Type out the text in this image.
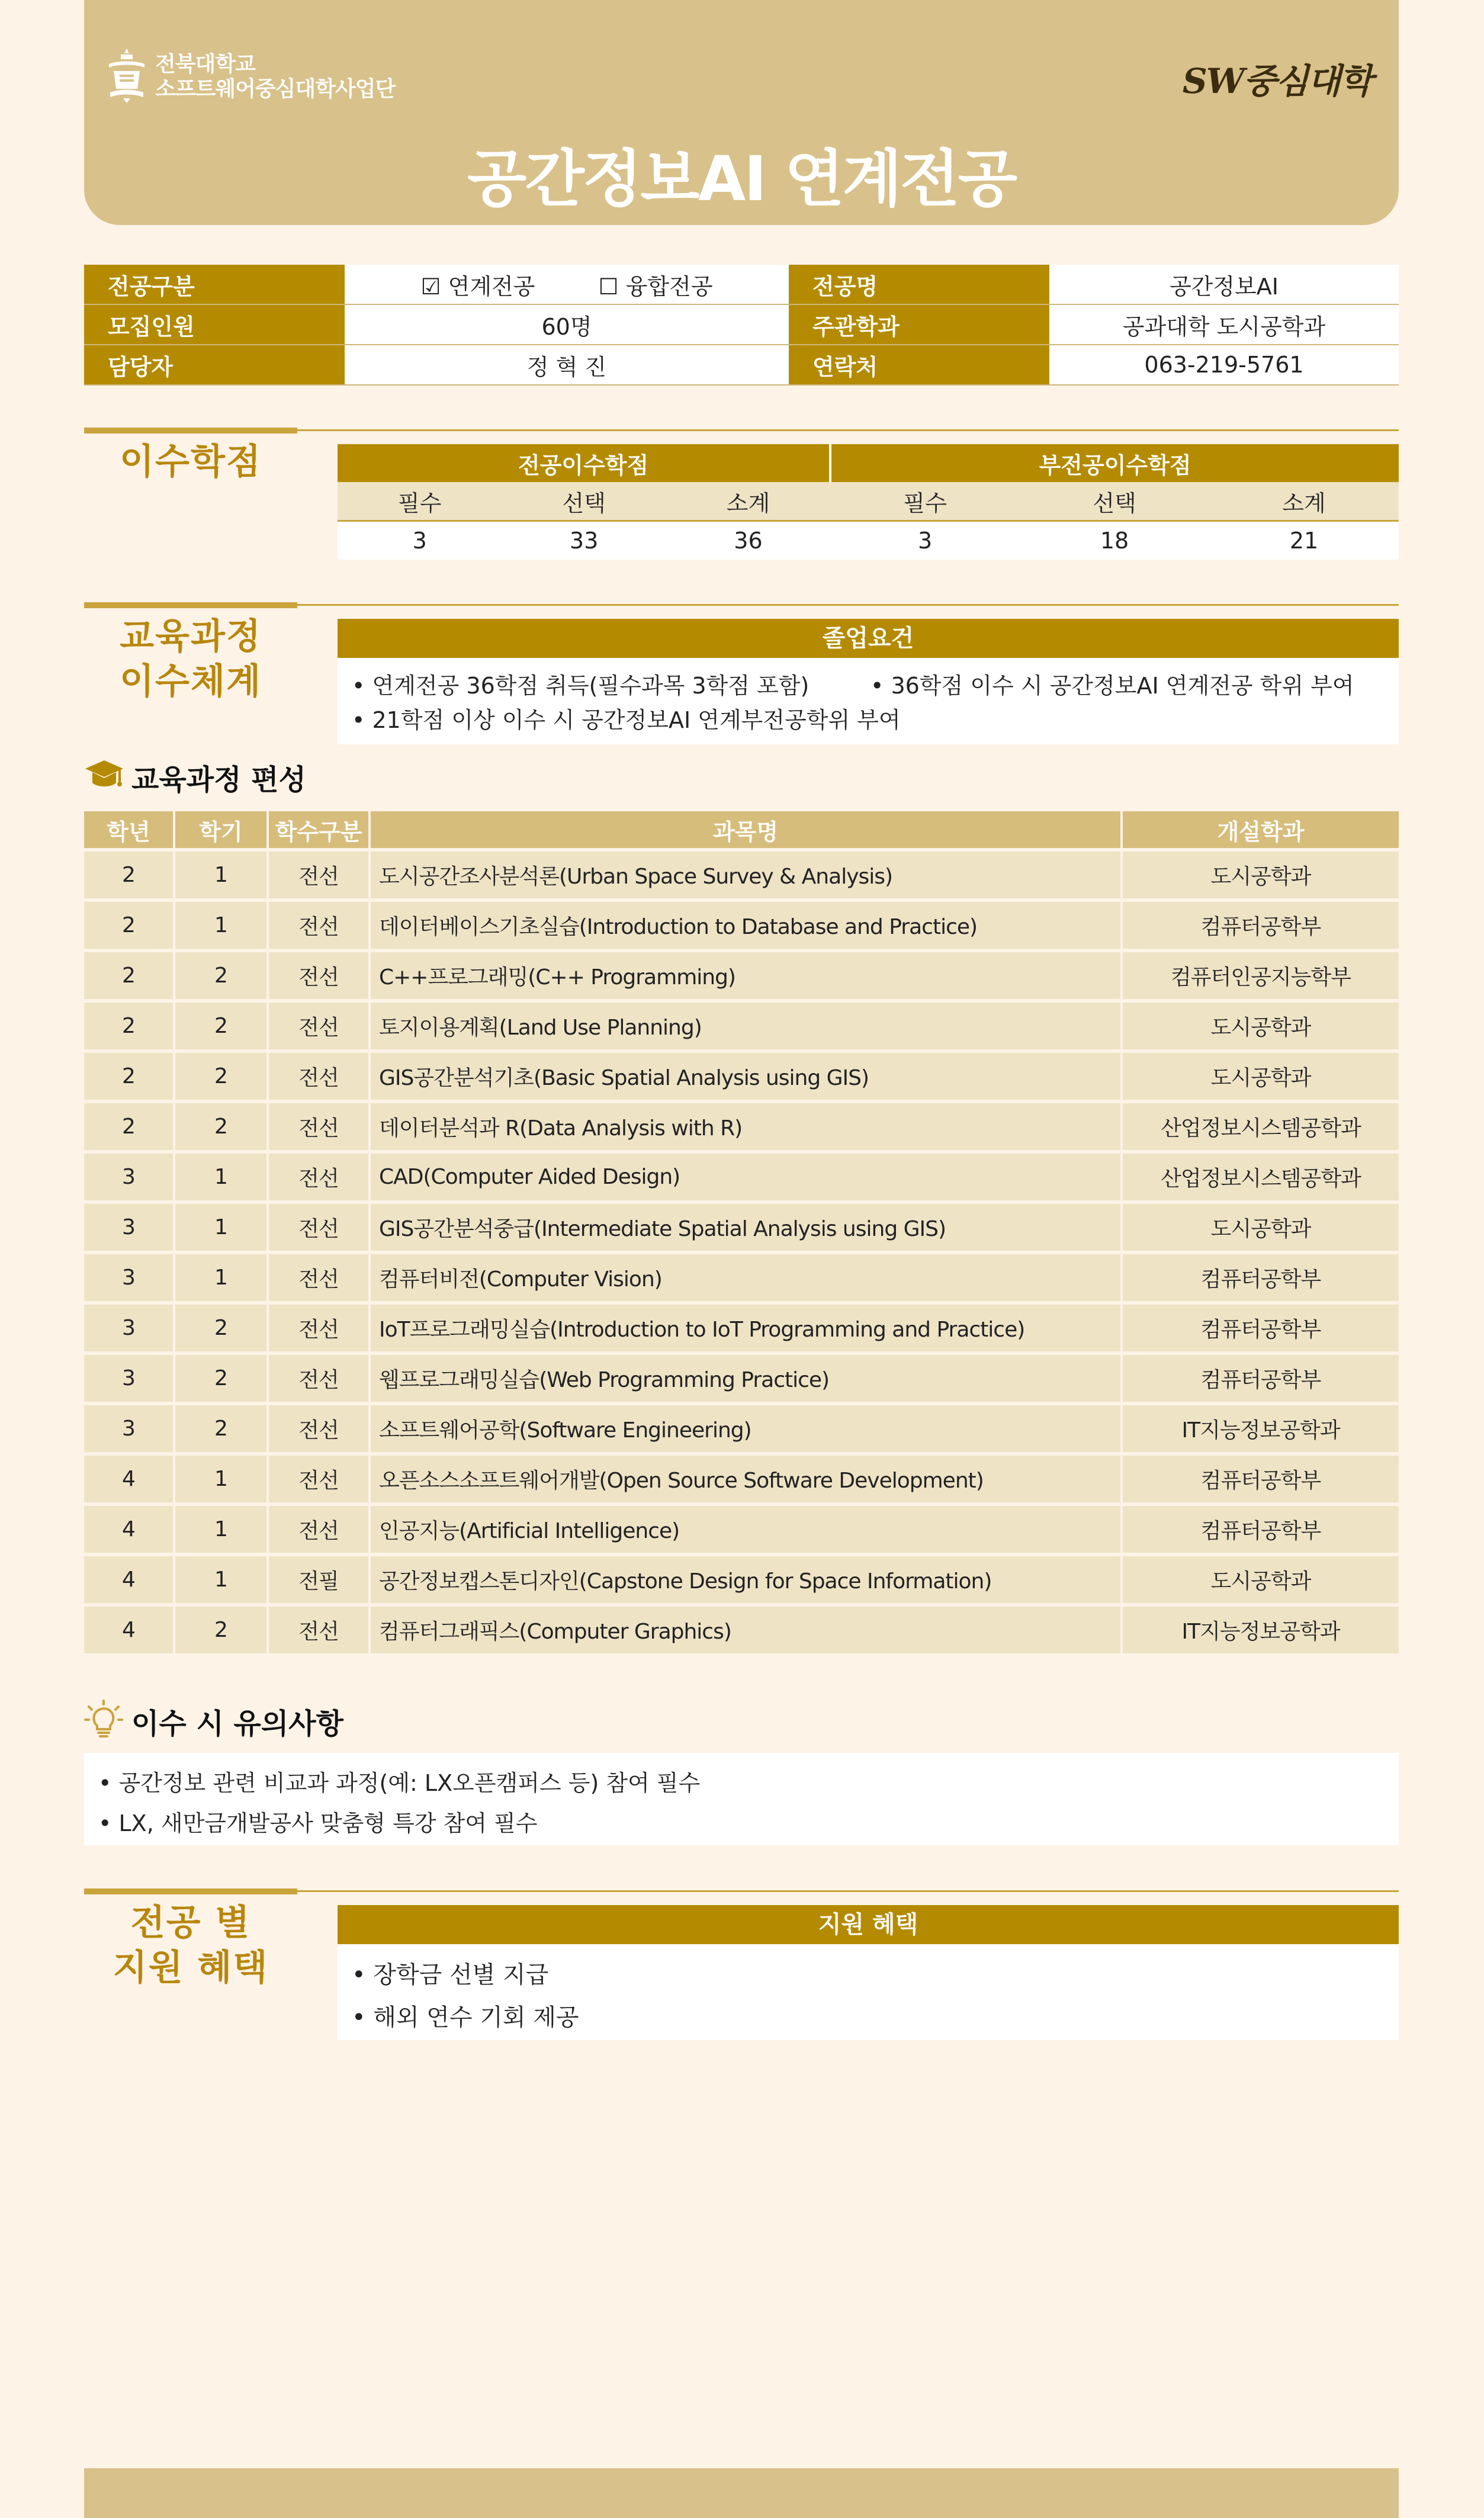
전북대학교
소프트웨어중심대학사업단	SW중심대학
공간정보AI 연계전공
전공구분	☑ 연계전공 ☐ 융합전공	전공명	공간정보AI
모집인원	60명	주관학과	공과대학 도시공학과
담당자	정 혁 진	연락처	063-219-5761
이수학점	전공이수학점			부전공이수학점		
필수	선택	소계	필수	선택	소계
3	33	36	3	18	21
교육과정
이수체계
졸업요건
• 연계전공 36학점 취득(필수과목 3학점 포함)	• 36학점 이수 시 공간정보AI 연계전공 학위 부여
• 21학점 이상 이수 시 공간정보AI 연계부전공학위 부여
교육과정 편성
학년	학기	학수구분	과목명	개설학과
2	1	전선	도시공간조사분석론(Urban Space Survey & Analysis)	도시공학과
2	1	전선	데이터베이스기초실습(Introduction to Database and Practice)	컴퓨터공학부
2	2	전선	C++프로그래밍(C++ Programming)	컴퓨터인공지능학부
2	2	전선	토지이용계획(Land Use Planning)	도시공학과
2	2	전선	GIS공간분석기초(Basic Spatial Analysis using GIS)	도시공학과
2	2	전선	데이터분석과 R(Data Analysis with R)	산업정보시스템공학과
3	1	전선	CAD(Computer Aided Design)	산업정보시스템공학과
3	1	전선	GIS공간분석중급(Intermediate Spatial Analysis using GIS)	도시공학과
3	1	전선	컴퓨터비전(Computer Vision)	컴퓨터공학부
3	2	전선	IoT프로그래밍실습(Introduction to IoT Programming and Practice)	컴퓨터공학부
3	2	전선	웹프로그래밍실습(Web Programming Practice)	컴퓨터공학부
3	2	전선	소프트웨어공학(Software Engineering)	IT지능정보공학과
4	1	전선	오픈소스소프트웨어개발(Open Source Software Development)	컴퓨터공학부
4	1	전선	인공지능(Artificial Intelligence)	컴퓨터공학부
4	1	전필	공간정보캡스톤디자인(Capstone Design for Space Information)	도시공학과
4	2	전선	컴퓨터그래픽스(Computer Graphics)	IT지능정보공학과
이수 시 유의사항
• 공간정보 관련 비교과 과정(예: LX오픈캠퍼스 등) 참여 필수
• LX, 새만금개발공사 맞춤형 특강 참여 필수
전공 별
지원 혜택
지원 혜택
• 장학금 선별 지급
• 해외 연수 기회 제공
